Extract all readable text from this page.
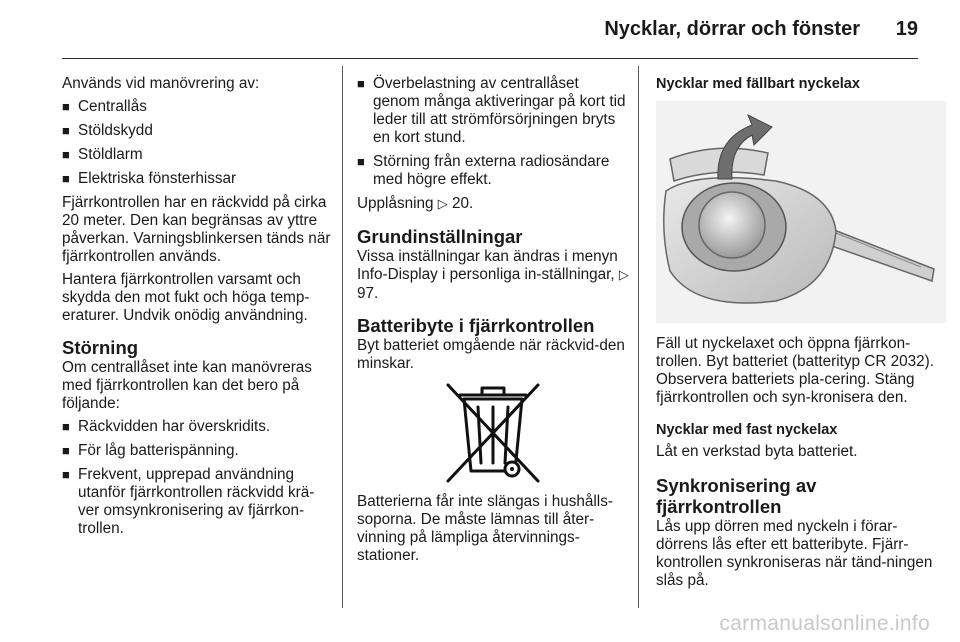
Nycklar, dörrar och fönster 19

Används vid manövrering av:

■ Centrallås
■ Stöldskydd
■ Stöldlarm
■ Elektriska fönsterhissar

Fjärrkontrollen har en räckvidd på cirka 20 meter. Den kan begränsas av yttre påverkan. Varningsblinkersen tänds när fjärrkontrollen används.

Hantera fjärrkontrollen varsamt och skydda den mot fukt och höga temp-eraturer. Undvik onödig användning.

Störning

Om centrallåset inte kan manövreras med fjärrkontrollen kan det bero på följande:

■ Räckvidden har överskridits.
■ För låg batterispänning.
■ Frekvent, upprepad användning utanför fjärrkontrollen räckvidd krä-ver omsynkronisering av fjärrkon-trollen.
■ Överbelastning av centrallåset genom många aktiveringar på kort tid leder till att strömförsörjningen bryts en kort stund.
■ Störning från externa radiosändare med högre effekt.

Upplåsning ▷ 20.

Grundinställningar

Vissa inställningar kan ändras i menyn Info-Display i personliga in-ställningar, ▷ 97.

Batteribyte i fjärrkontrollen

Byt batteriet omgående när räckvid-den minskar.

Batterierna får inte slängas i hushålls-soporna. De måste lämnas till åter-vinning på lämpliga återvinnings-stationer.

Nycklar med fällbart nyckelax

Fäll ut nyckelaxet och öppna fjärrkon-trollen. Byt batteriet (batterityp CR 2032). Observera batteriets pla-cering. Stäng fjärrkontrollen och syn-kronisera den.

Nycklar med fast nyckelax

Låt en verkstad byta batteriet.

Synkronisering av fjärrkontrollen

Lås upp dörren med nyckeln i förar-dörrens lås efter ett batteribyte. Fjärr-kontrollen synkroniseras när tänd-ningen slås på.

carmanualsonline.info
